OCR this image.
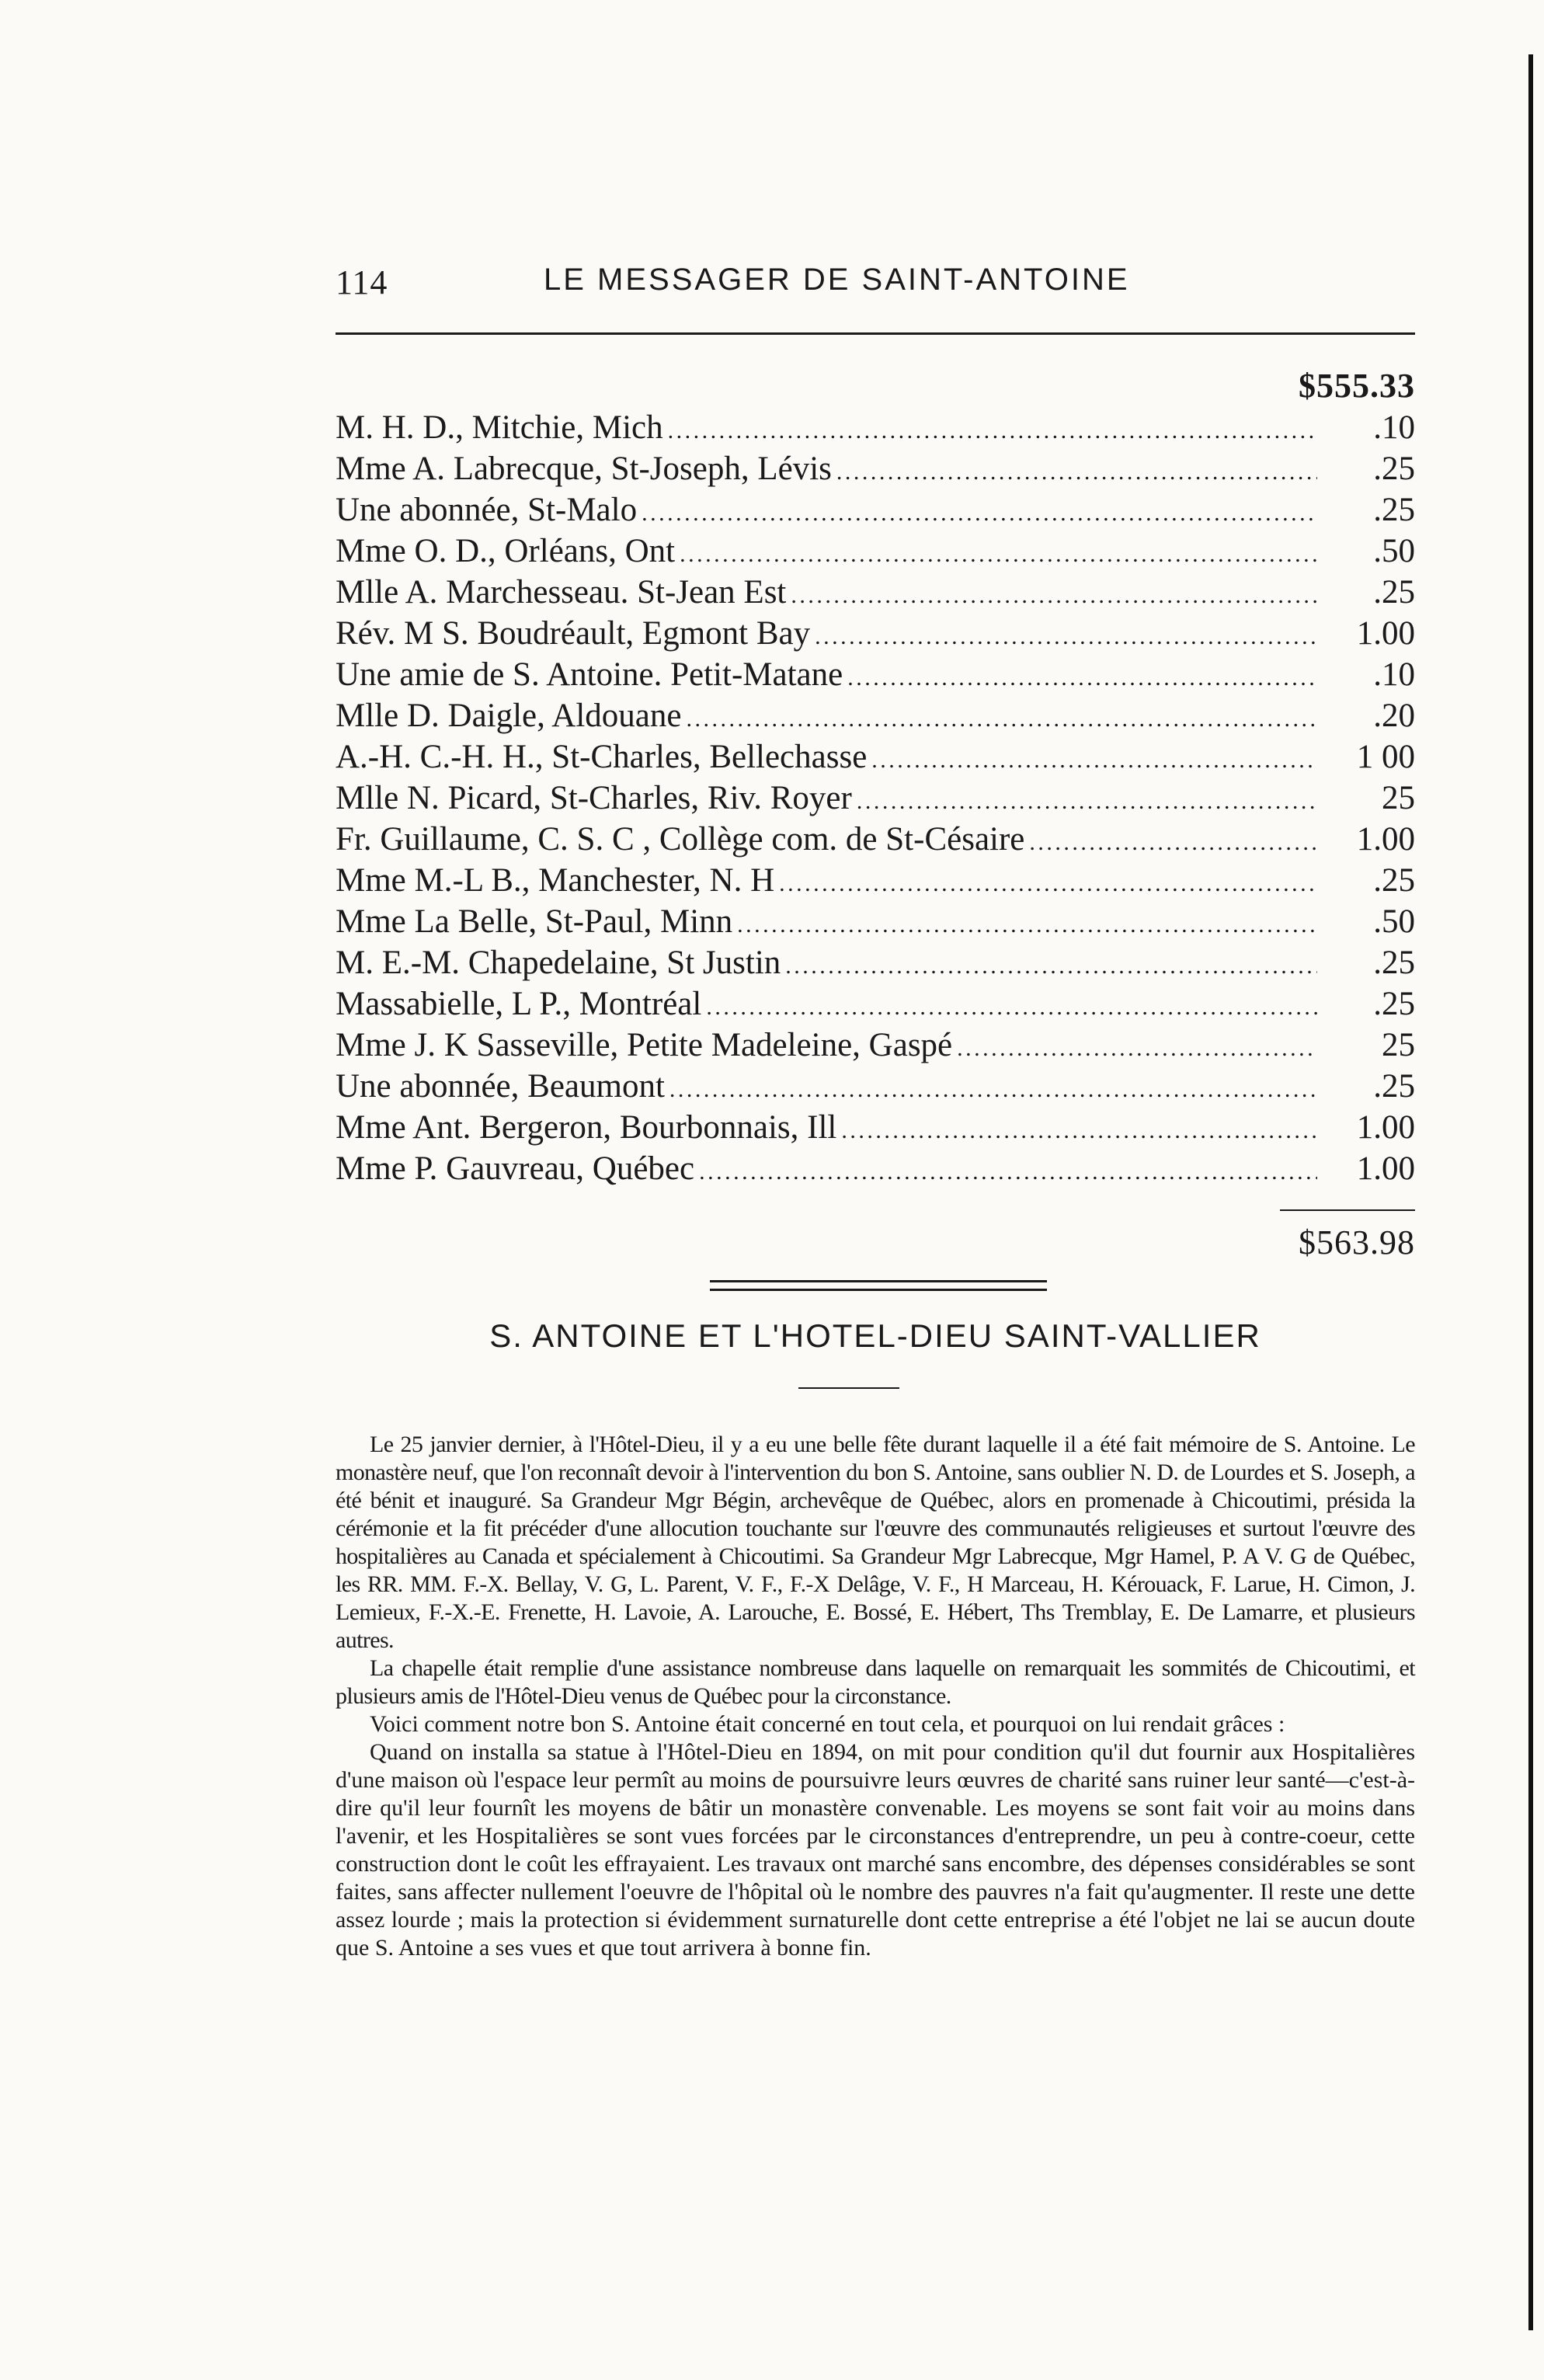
114	LE MESSAGER DE SAINT-ANTOINE
$555.33
M. H. D., Mitchie, Mich . . .	.10
Mme A. Labrecque, St-Joseph, Lévis . . .	.25
Une abonnée, St-Malo . . .	.25
Mme O. D., Orléans, Ont . . .	.50
Mlle A. Marchesseau. St-Jean Est . . .	.25
Rév. M S. Boudréault, Egmont Bay . . .	1.00
Une amie de S. Antoine. Petit-Matane . . .	.10
Mlle D. Daigle, Aldouane . . .	.20
A.-H. C.-H. H., St-Charles, Bellechasse . . .	1 00
Mlle N. Picard, St-Charles, Riv. Royer . . .	25
Fr. Guillaume, C. S. C , Collège com. de St-Césaire . . .	1.00
Mme M.-L B., Manchester, N. H . . .	.25
Mme La Belle, St-Paul, Minn . . .	.50
M. E.-M. Chapedelaine, St Justin . . .	.25
Massabielle, L P., Montréal . . .	.25
Mme J. K Sasseville, Petite Madeleine, Gaspé . . .	25
Une abonnée, Beaumont . . .	.25
Mme Ant. Bergeron, Bourbonnais, Ill . . .	1.00
Mme P. Gauvreau, Québec . . .	1.00
$563.98
S. ANTOINE ET L'HOTEL-DIEU SAINT-VALLIER

Le 25 janvier dernier, à l'Hôtel-Dieu, il y a eu une belle fête durant laquelle il a été fait mémoire de S. Antoine. Le monastère neuf, que l'on reconnaît devoir à l'intervention du bon S. Antoine, sans oublier N. D. de Lourdes et S. Joseph, a été bénit et inauguré. Sa Grandeur Mgr Bégin, archevêque de Québec, alors en promenade à Chicoutimi, présida la cérémonie et la fit précéder d'une allocution touchante sur l'œuvre des communautés religieuses et surtout l'œuvre des hospitalières au Canada et spécialement à Chicoutimi. Sa Grandeur Mgr Labrecque, Mgr Hamel, P. A V. G de Québec, les RR. MM. F.-X. Bellay, V. G, L. Parent, V. F., F.-X Delâge, V. F., H Marceau, H. Kérouack, F. Larue, H. Cimon, J. Lemieux, F.-X.-E. Frenette, H. Lavoie, A. Larouche, E. Bossé, E. Hébert, Ths Tremblay, E. De Lamarre, et plusieurs autres.

La chapelle était remplie d'une assistance nombreuse dans laquelle on remarquait les sommités de Chicoutimi, et plusieurs amis de l'Hôtel-Dieu venus de Québec pour la circonstance.

Voici comment notre bon S. Antoine était concerné en tout cela, et pourquoi on lui rendait grâces :

Quand on installa sa statue à l'Hôtel-Dieu en 1894, on mit pour condition qu'il dut fournir aux Hospitalières d'une maison où l'espace leur permît au moins de poursuivre leurs œuvres de charité sans ruiner leur santé—c'est-à-dire qu'il leur fournît les moyens de bâtir un monastère convenable. Les moyens se sont fait voir au moins dans l'avenir, et les Hospitalières se sont vues forcées par le circonstances d'entreprendre, un peu à contre-coeur, cette construction dont le coût les effrayaient. Les travaux ont marché sans encombre, des dépenses considérables se sont faites, sans affecter nullement l'oeuvre de l'hôpital où le nombre des pauvres n'a fait qu'augmenter. Il reste une dette assez lourde ; mais la protection si évidemment surnaturelle dont cette entreprise a été l'objet ne lai se aucun doute que S. Antoine a ses vues et que tout arrivera à bonne fin.
